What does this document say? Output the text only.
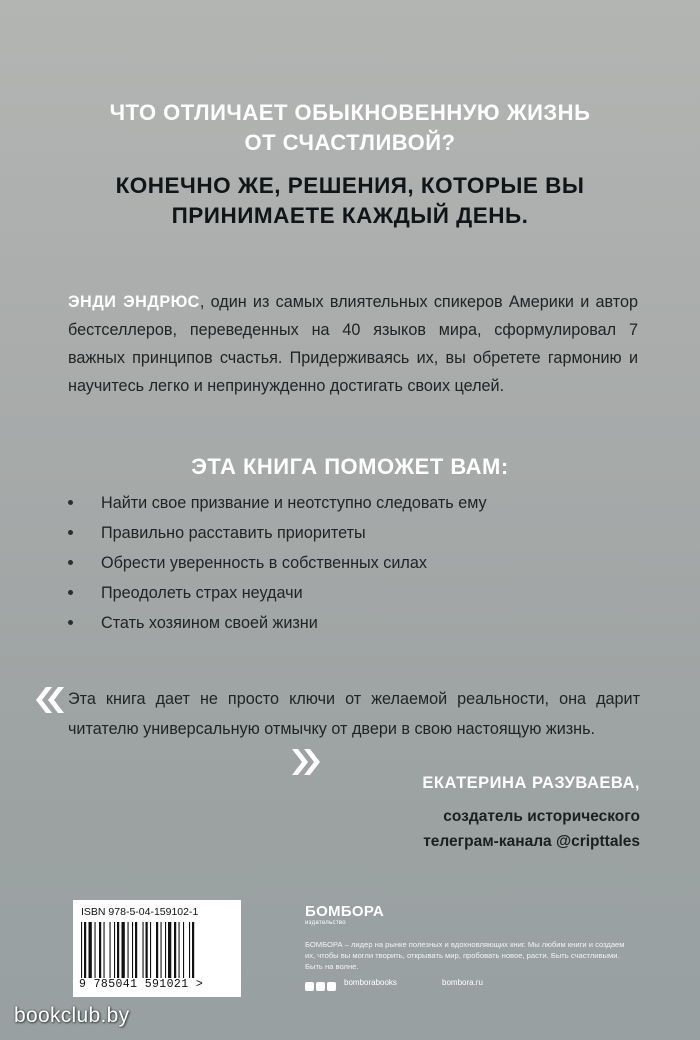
ЧТО ОТЛИЧАЕТ ОБЫКНОВЕННУЮ ЖИЗНЬ
ОТ СЧАСТЛИВОЙ?
КОНЕЧНО ЖЕ, РЕШЕНИЯ, КОТОРЫЕ ВЫ
ПРИНИМАЕТЕ КАЖДЫЙ ДЕНЬ.
ЭНДИ ЭНДРЮС, один из самых влиятельных спикеров Америки и автор бестселлеров, переведенных на 40 языков мира, сформулировал 7 важных принципов счастья. Придерживаясь их, вы обретете гармонию и научитесь легко и непринужденно достигать своих целей.
ЭТА КНИГА ПОМОЖЕТ ВАМ:
Найти свое призвание и неотступно следовать ему
Правильно расставить приоритеты
Обрести уверенность в собственных силах
Преодолеть страх неудачи
Стать хозяином своей жизни
Эта книга дает не просто ключи от желаемой реальности, она дарит читателю универсальную отмычку от двери в свою настоящую жизнь.
ЕКАТЕРИНА РАЗУВАЕВА,
создатель исторического
телеграм-канала @cripttales
ISBN 978-5-04-159102-1
9 785041 591021 >
БОМБОРА
издательство
БОМБОРА – лидер на рынке полезных и вдохновляющих книг. Мы любим книги и создаем их, чтобы вы могли творить, открывать мир, пробовать новое, расти. Быть счастливыми. Быть на волне.
bomborabooks	bombora.ru
bookclub.by
